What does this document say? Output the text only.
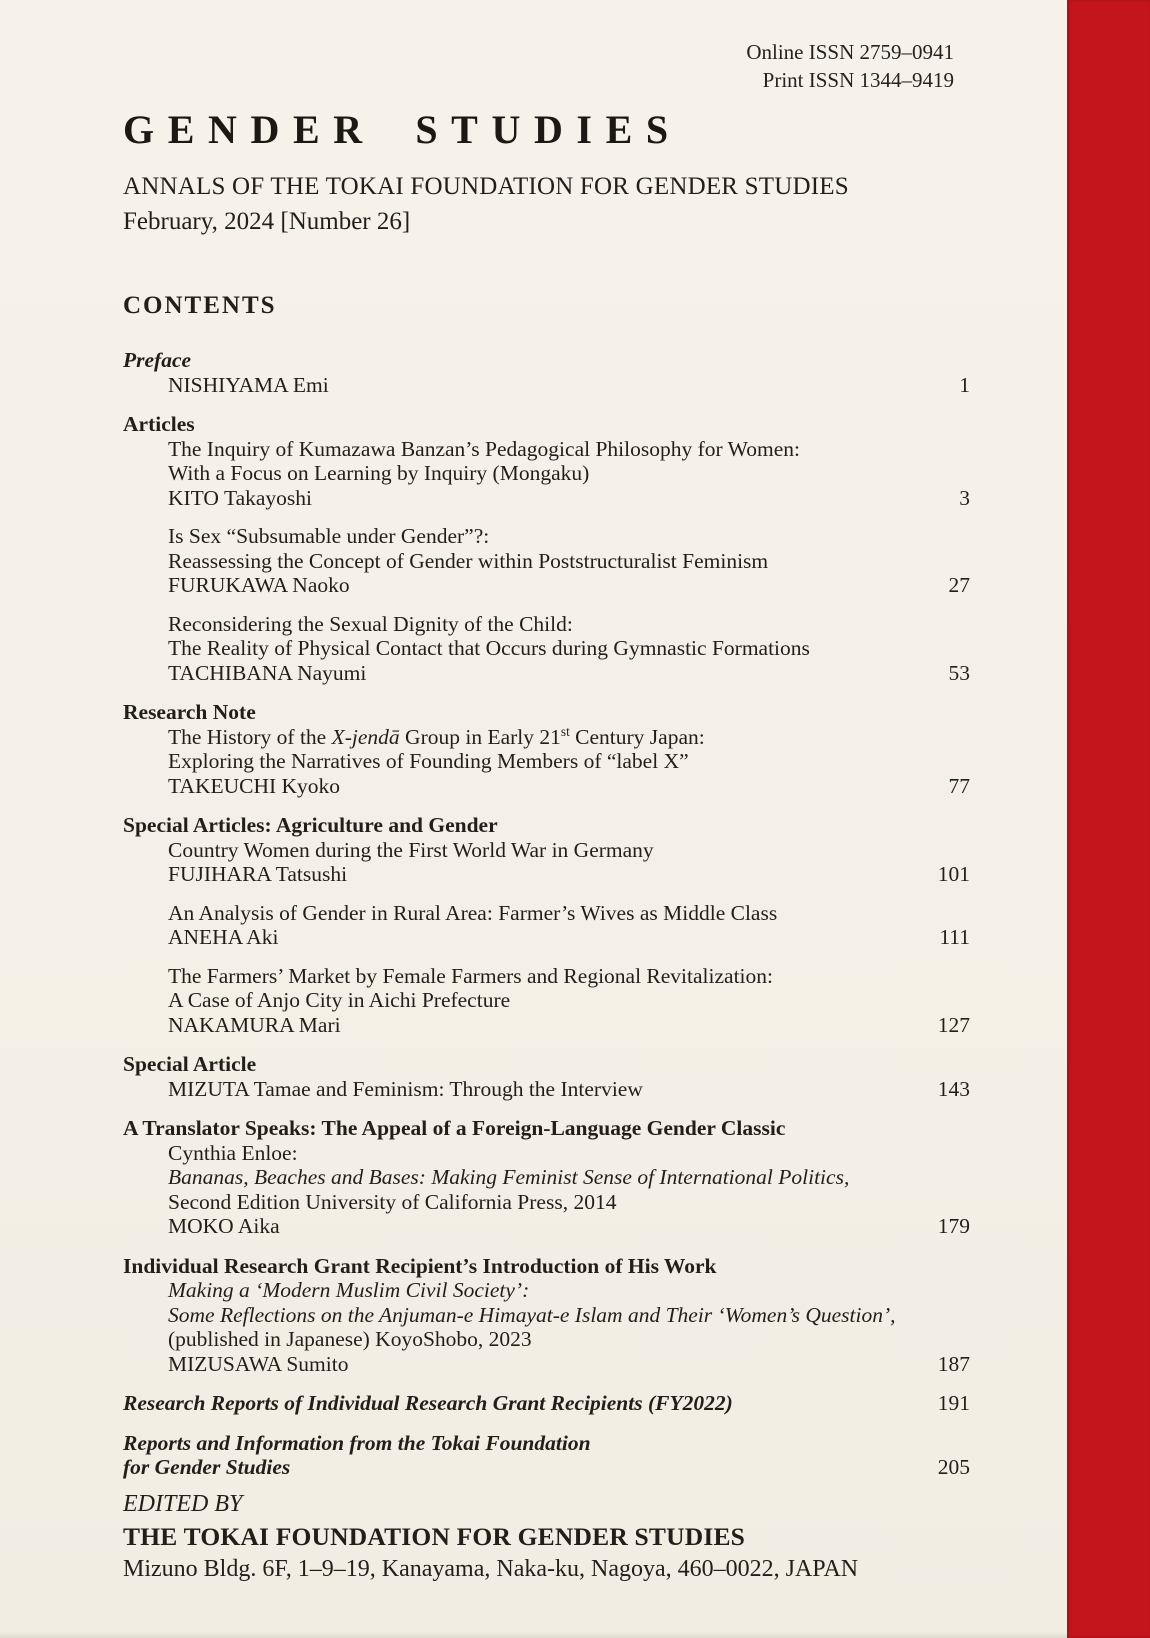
Online ISSN 2759–0941
Print ISSN 1344–9419
GENDER STUDIES
ANNALS OF THE TOKAI FOUNDATION FOR GENDER STUDIES
February, 2024 [Number 26]
CONTENTS
Preface
NISHIYAMA Emi	1
Articles
The Inquiry of Kumazawa Banzan’s Pedagogical Philosophy for Women:
With a Focus on Learning by Inquiry (Mongaku)
KITO Takayoshi	3
Is Sex “Subsumable under Gender”?:
Reassessing the Concept of Gender within Poststructuralist Feminism
FURUKAWA Naoko	27
Reconsidering the Sexual Dignity of the Child:
The Reality of Physical Contact that Occurs during Gymnastic Formations
TACHIBANA Nayumi	53
Research Note
The History of the X-jendā Group in Early 21st Century Japan:
Exploring the Narratives of Founding Members of “label X”
TAKEUCHI Kyoko	77
Special Articles: Agriculture and Gender
Country Women during the First World War in Germany
FUJIHARA Tatsushi	101
An Analysis of Gender in Rural Area: Farmer’s Wives as Middle Class
ANEHA Aki	111
The Farmers’ Market by Female Farmers and Regional Revitalization:
A Case of Anjo City in Aichi Prefecture
NAKAMURA Mari	127
Special Article
MIZUTA Tamae and Feminism: Through the Interview	143
A Translator Speaks: The Appeal of a Foreign-Language Gender Classic
Cynthia Enloe:
Bananas, Beaches and Bases: Making Feminist Sense of International Politics,
Second Edition University of California Press, 2014
MOKO Aika	179
Individual Research Grant Recipient’s Introduction of His Work
Making a ‘Modern Muslim Civil Society’:
Some Reflections on the Anjuman-e Himayat-e Islam and Their ‘Women’s Question’,
(published in Japanese) KoyoShobo, 2023
MIZUSAWA Sumito	187
Research Reports of Individual Research Grant Recipients (FY2022)	191
Reports and Information from the Tokai Foundation
for Gender Studies	205
EDITED BY
THE TOKAI FOUNDATION FOR GENDER STUDIES
Mizuno Bldg. 6F, 1–9–19, Kanayama, Naka-ku, Nagoya, 460–0022, JAPAN
